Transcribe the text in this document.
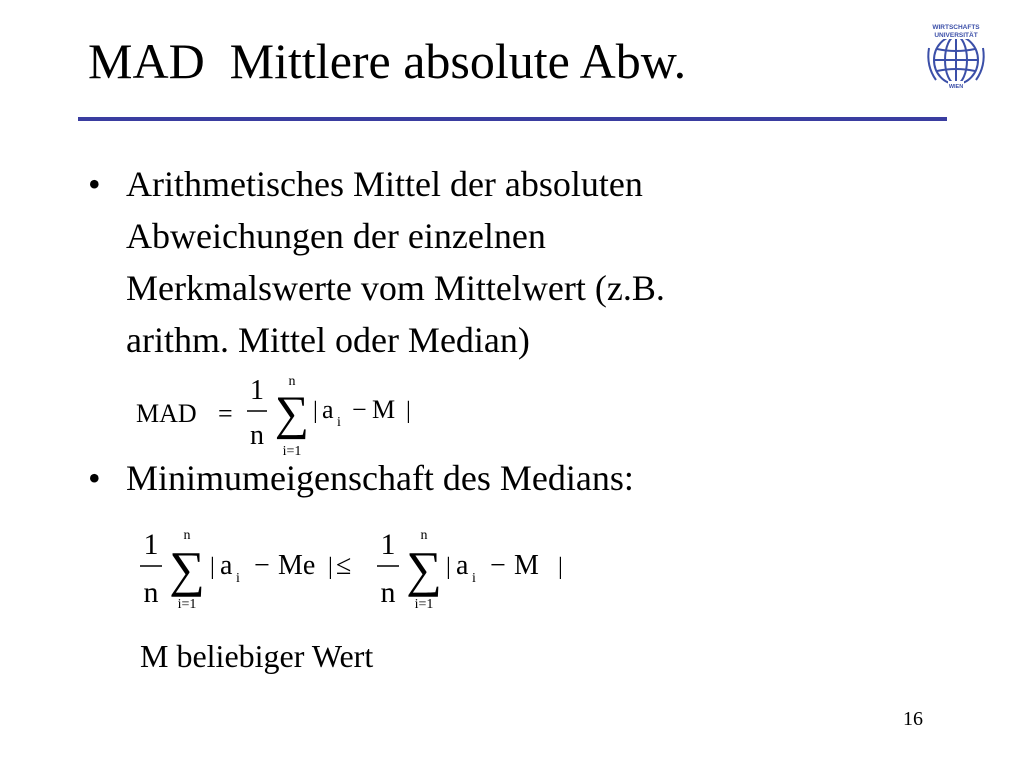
MAD  Mittlere absolute Abw.
WIRTSCHAFTS
UNIVERSITÄT
WIEN
• Arithmetisches Mittel der absoluten
Abweichungen der einzelnen
Merkmalswerte vom Mittelwert (z.B.
arithm. Mittel oder Median)
MAD =
1
n
n
∑
i=1
| a i − M |
• Minimumeigenschaft des Medians:
1
n
n
∑
i=1
| a i − Me | ≤
1
n
n
∑
i=1
| a i − M |
M beliebiger Wert
16
